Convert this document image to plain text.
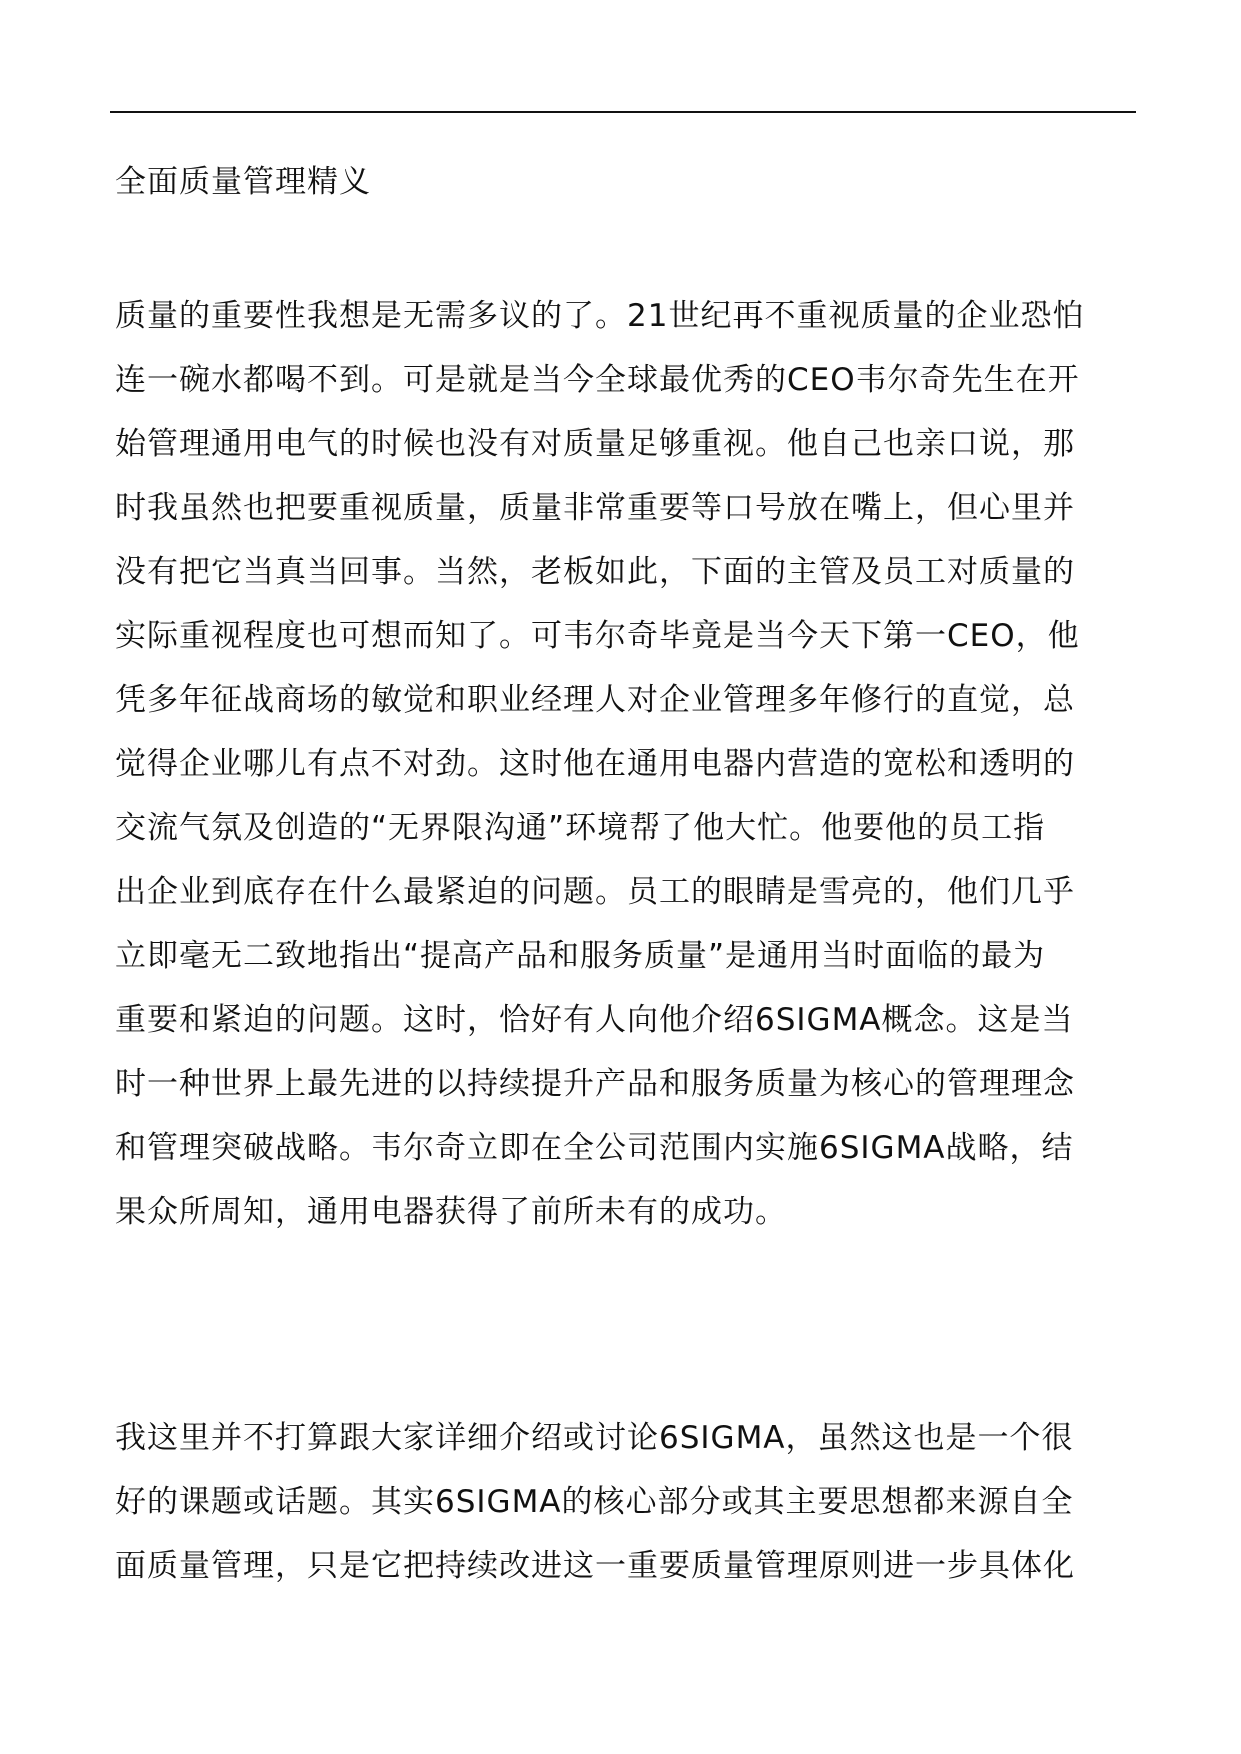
全面质量管理精义
质量的重要性我想是无需多议的了。21世纪再不重视质量的企业恐怕
连一碗水都喝不到。可是就是当今全球最优秀的CEO韦尔奇先生在开
始管理通用电气的时候也没有对质量足够重视。他自己也亲口说，那
时我虽然也把要重视质量，质量非常重要等口号放在嘴上，但心里并
没有把它当真当回事。当然，老板如此，下面的主管及员工对质量的
实际重视程度也可想而知了。可韦尔奇毕竟是当今天下第一CEO，他
凭多年征战商场的敏觉和职业经理人对企业管理多年修行的直觉，总
觉得企业哪儿有点不对劲。这时他在通用电器内营造的宽松和透明的
交流气氛及创造的“无界限沟通”环境帮了他大忙。他要他的员工指
出企业到底存在什么最紧迫的问题。员工的眼睛是雪亮的，他们几乎
立即毫无二致地指出“提高产品和服务质量”是通用当时面临的最为
重要和紧迫的问题。这时，恰好有人向他介绍6SIGMA概念。这是当
时一种世界上最先进的以持续提升产品和服务质量为核心的管理理念
和管理突破战略。韦尔奇立即在全公司范围内实施6SIGMA战略，结
果众所周知，通用电器获得了前所未有的成功。
我这里并不打算跟大家详细介绍或讨论6SIGMA，虽然这也是一个很
好的课题或话题。其实6SIGMA的核心部分或其主要思想都来源自全
面质量管理，只是它把持续改进这一重要质量管理原则进一步具体化
